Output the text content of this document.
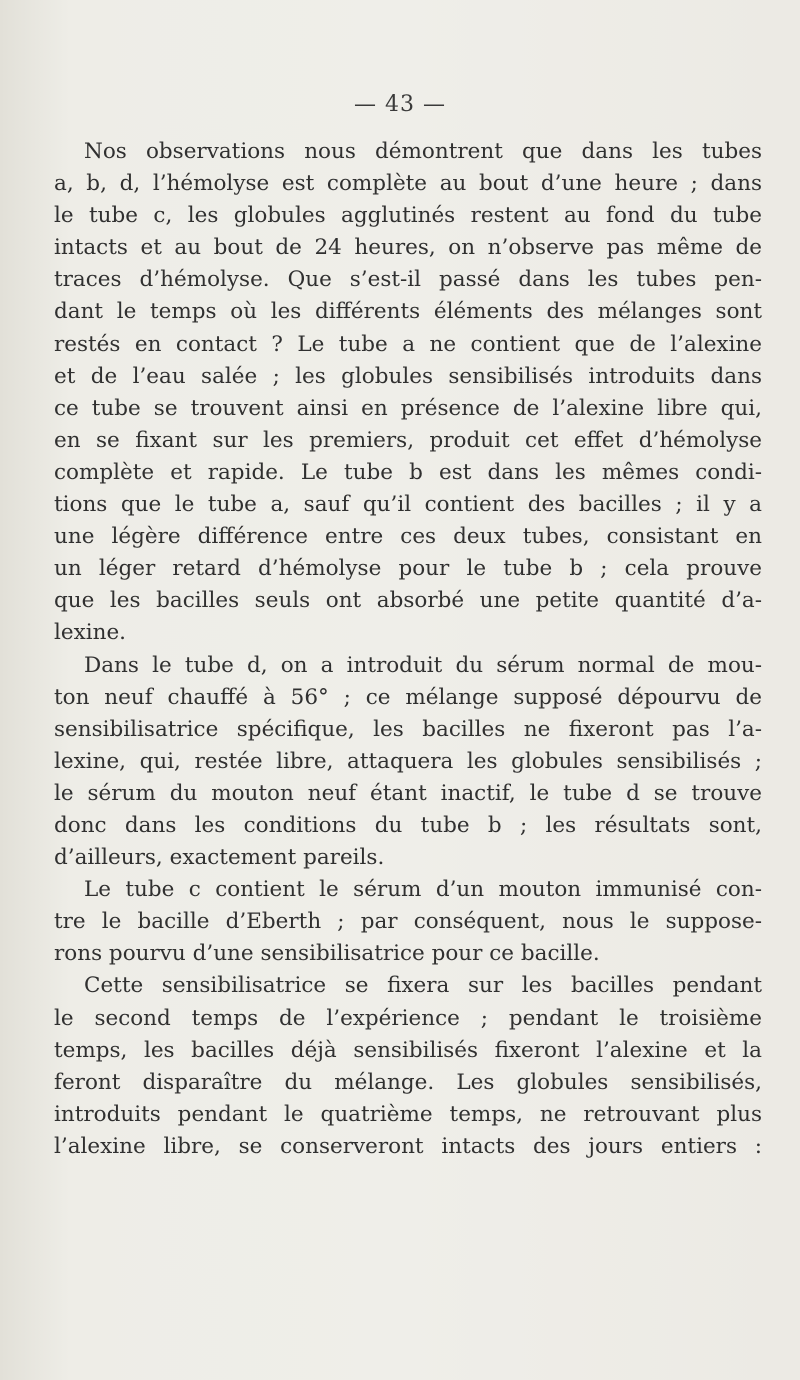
— 43 —
Nos observations nous démontrent que dans les tubes
a, b, d, l’hémolyse est complète au bout d’une heure ; dans
le tube c, les globules agglutinés restent au fond du tube
intacts et au bout de 24 heures, on n’observe pas même de
traces d’hémolyse. Que s’est-il passé dans les tubes pen-
dant le temps où les différents éléments des mélanges sont
restés en contact ? Le tube a ne contient que de l’alexine
et de l’eau salée ; les globules sensibilisés introduits dans
ce tube se trouvent ainsi en présence de l’alexine libre qui,
en se fixant sur les premiers, produit cet effet d’hémolyse
complète et rapide. Le tube b est dans les mêmes condi-
tions que le tube a, sauf qu’il contient des bacilles ; il y a
une légère différence entre ces deux tubes, consistant en
un léger retard d’hémolyse pour le tube b ; cela prouve
que les bacilles seuls ont absorbé une petite quantité d’a-
lexine.
Dans le tube d, on a introduit du sérum normal de mou-
ton neuf chauffé à 56° ; ce mélange supposé dépourvu de
sensibilisatrice spécifique, les bacilles ne fixeront pas l’a-
lexine, qui, restée libre, attaquera les globules sensibilisés ;
le sérum du mouton neuf étant inactif, le tube d se trouve
donc dans les conditions du tube b ; les résultats sont,
d’ailleurs, exactement pareils.
Le tube c contient le sérum d’un mouton immunisé con-
tre le bacille d’Eberth ; par conséquent, nous le suppose-
rons pourvu d’une sensibilisatrice pour ce bacille.
Cette sensibilisatrice se fixera sur les bacilles pendant
le second temps de l’expérience ; pendant le troisième
temps, les bacilles déjà sensibilisés fixeront l’alexine et la
feront disparaître du mélange. Les globules sensibilisés,
introduits pendant le quatrième temps, ne retrouvant plus
l’alexine libre, se conserveront intacts des jours entiers :
